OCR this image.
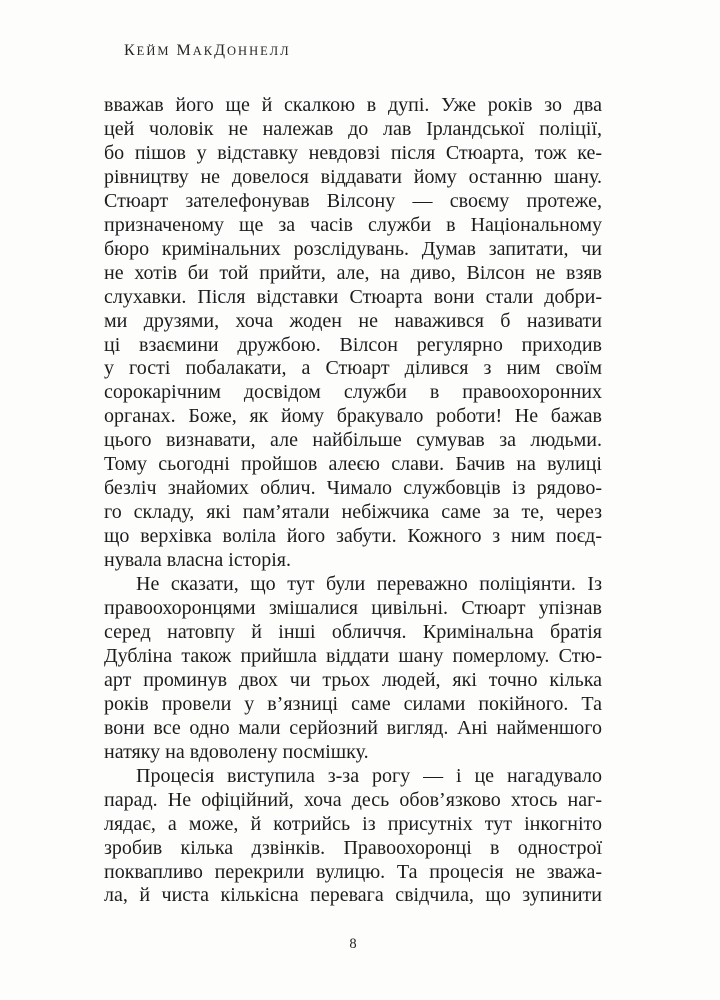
КЕЙМ МАКДОННЕЛЛ
вважав його ще й скалкою в дупі. Уже років зо два
цей чоловік не належав до лав Ірландської поліції,
бо пішов у відставку невдовзі після Стюарта, тож ке-
рівництву не довелося віддавати йому останню шану.
Стюарт зателефонував Вілсону — своєму протеже,
призначеному ще за часів служби в Національному
бюро кримінальних розслідувань. Думав запитати, чи
не хотів би той прийти, але, на диво, Вілсон не взяв
слухавки. Після відставки Стюарта вони стали добри-
ми друзями, хоча жоден не наважився б називати
ці взаємини дружбою. Вілсон регулярно приходив
у гості побалакати, а Стюарт ділився з ним своїм
сорокарічним досвідом служби в правоохоронних
органах. Боже, як йому бракувало роботи! Не бажав
цього визнавати, але найбільше сумував за людьми.
Тому сьогодні пройшов алеєю слави. Бачив на вулиці
безліч знайомих облич. Чимало службовців із рядово-
го складу, які пам’ятали небіжчика саме за те, через
що верхівка воліла його забути. Кожного з ним поєд-
нувала власна історія.
Не сказати, що тут були переважно поліціянти. Із
правоохоронцями змішалися цивільні. Стюарт упізнав
серед натовпу й інші обличчя. Кримінальна братія
Дубліна також прийшла віддати шану померлому. Стю-
арт проминув двох чи трьох людей, які точно кілька
років провели у в’язниці саме силами покійного. Та
вони все одно мали серйозний вигляд. Ані найменшого
натяку на вдоволену посмішку.
Процесія виступила з-за рогу — і це нагадувало
парад. Не офіційний, хоча десь обов’язково хтось наг-
лядає, а може, й котрийсь із присутніх тут інкогніто
зробив кілька дзвінків. Правоохоронці в однострої
поквапливо перекрили вулицю. Та процесія не зважа-
ла, й чиста кількісна перевага свідчила, що зупинити
8
